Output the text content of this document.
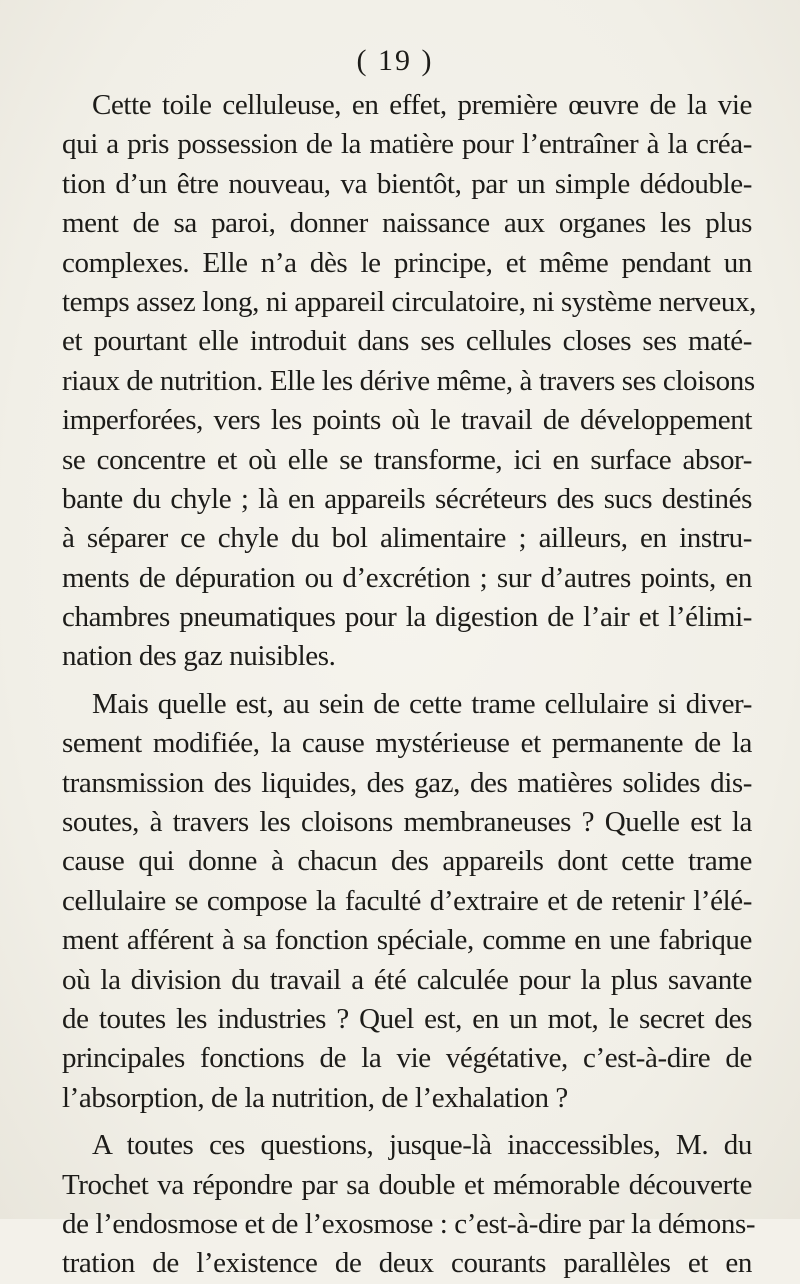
( 19 )
Cette toile celluleuse, en effet, première œuvre de la vie
qui a pris possession de la matière pour l’entraîner à la créa-
tion d’un être nouveau, va bientôt, par un simple dédouble-
ment de sa paroi, donner naissance aux organes les plus
complexes. Elle n’a dès le principe, et même pendant un
temps assez long, ni appareil circulatoire, ni système nerveux,
et pourtant elle introduit dans ses cellules closes ses maté-
riaux de nutrition. Elle les dérive même, à travers ses cloisons
imperforées, vers les points où le travail de développement
se concentre et où elle se transforme, ici en surface absor-
bante du chyle ; là en appareils sécréteurs des sucs destinés
à séparer ce chyle du bol alimentaire ; ailleurs, en instru-
ments de dépuration ou d’excrétion ; sur d’autres points, en
chambres pneumatiques pour la digestion de l’air et l’élimi-
nation des gaz nuisibles.
Mais quelle est, au sein de cette trame cellulaire si diver-
sement modifiée, la cause mystérieuse et permanente de la
transmission des liquides, des gaz, des matières solides dis-
soutes, à travers les cloisons membraneuses ? Quelle est la
cause qui donne à chacun des appareils dont cette trame
cellulaire se compose la faculté d’extraire et de retenir l’élé-
ment afférent à sa fonction spéciale, comme en une fabrique
où la division du travail a été calculée pour la plus savante
de toutes les industries ? Quel est, en un mot, le secret des
principales fonctions de la vie végétative, c’est-à-dire de
l’absorption, de la nutrition, de l’exhalation ?
A toutes ces questions, jusque-là inaccessibles, M. du
Trochet va répondre par sa double et mémorable découverte
de l’endosmose et de l’exosmose : c’est-à-dire par la démons-
tration de l’existence de deux courants parallèles et en
